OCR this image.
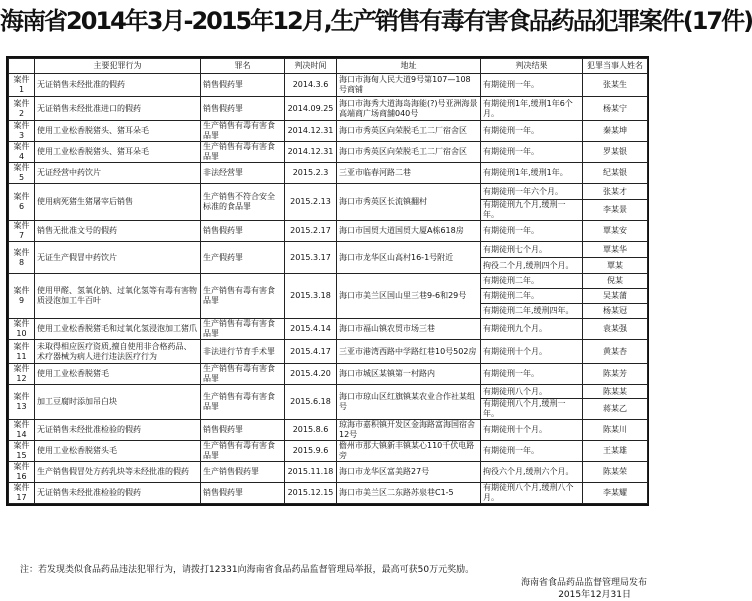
海南省2014年3月-2015年12月,生产销售有毒有害食品药品犯罪案件(17件)
	主要犯罪行为	罪名	判决时间	地址	判决结果	犯罪当事人姓名
案件1	无证销售未经批准的假药	销售假药罪	2014.3.6	海口市海甸人民大道9号第107—108号商铺	有期徒刑一年。	张某生
案件2	无证销售未经批准进口的假药	销售假药罪	2014.09.25	海口市海秀大道海岛海能(?)号亚洲海景高端商广场商舖040号	有期徒刑1年,缓刑1年6个月。	杨某宁
案件3	使用工业松香脱猪头、猪耳朵毛	生产销售有毒有害食品罪	2014.12.31	海口市秀英区向荣脱毛工二厂宿舍区	有期徒刑一年。	秦某坤
案件4	使用工业松香脱猪头、猪耳朵毛	生产销售有毒有害食品罪	2014.12.31	海口市秀英区向荣脱毛工二厂宿舍区	有期徒刑一年。	罗某银
案件5	无证经营中药饮片	非法经营罪	2015.2.3	三亚市临春河路二巷	有期徒刑1年,缓刑1年。	纪某银
案件6	使用病死猪生猪屠宰后销售	生产销售不符合安全标准的食品罪	2015.2.13	海口市秀英区长流镇翻村	有期徒刑一年六个月。	张某才
					有期徒刑九个月,缓刑一年。	李某景
案件7	销售无批准文号的假药	销售假药罪	2015.2.17	海口市国贸大道国贸大厦A栋618房	有期徒刑一年。	覃某安
案件8	无证生产假冒中药饮片	生产假药罪	2015.3.17	海口市龙华区山高村16-1号附近	有期徒刑七个月。	覃某华
					拘役二个月,缓刑四个月。	覃某
案件9	使用甲醛、氢氧化钠、过氧化氢等有毒有害物质浸泡加工牛百叶	生产销售有毒有害食品罪	2015.3.18	海口市美兰区国山里三巷9-6和29号	有期徒刑二年。	倪某
					有期徒刑二年。	吴某蒲
					有期徒刑二年,缓刑四年。	杨某冠
案件10	使用工业松香脱猪毛和过氧化氢浸泡加工猪爪	生产销售有毒有害食品罪	2015.4.14	海口市福山镇农贸市场三巷	有期徒刑九个月。	袁某强
案件11	未取得相应医疗资质,擅自使用非合格药品、术疗器械为病人进行违法医疗行为	非法进行节育手术罪	2015.4.17	三亚市港湾西路中学路红巷10号502房	有期徒刑十个月。	黄某杏
案件12	使用工业松香脱猪毛	生产销售有毒有害食品罪	2015.4.20	海口市城区某镇第一村路内	有期徒刑一年。	陈某芳
案件13	加工豆腐时添加吊白块	生产销售有毒有害食品罪	2015.6.18	海口市琼山区红旗镇某农业合作社某组号	有期徒刑八个月。	陈某某
					有期徒刑八个月,缓刑一年。	蒋某乙
案件14	无证销售未经批准检验的假药	销售假药罪	2015.8.6	琼海市嘉积镇开发区金海路富海国宿舍12号	有期徒刑十个月。	陈某川
案件15	使用工业松香脱猪头毛	生产销售有毒有害食品罪	2015.9.6	儋州市那大镇新丰镇某心110千伏电路旁	有期徒刑一年。	王某雄
案件16	生产销售假冒处方药乳块等未经批准的假药	生产销售假药罪	2015.11.18	海口市龙华区富美路27号	拘役六个月,缓刑六个月。	陈某荣
案件17	无证销售未经批准检验的假药	销售假药罪	2015.12.15	海口市美兰区二东路苏泉巷C1-5	有期徒刑八个月,缓刑八个月。	李某耀
注：若发现类似食品药品违法犯罪行为，请拨打12331向海南省食品药品监督管理局举报，最高可获50万元奖励。
海南省食品药品监督管理局发布
2015年12月31日
